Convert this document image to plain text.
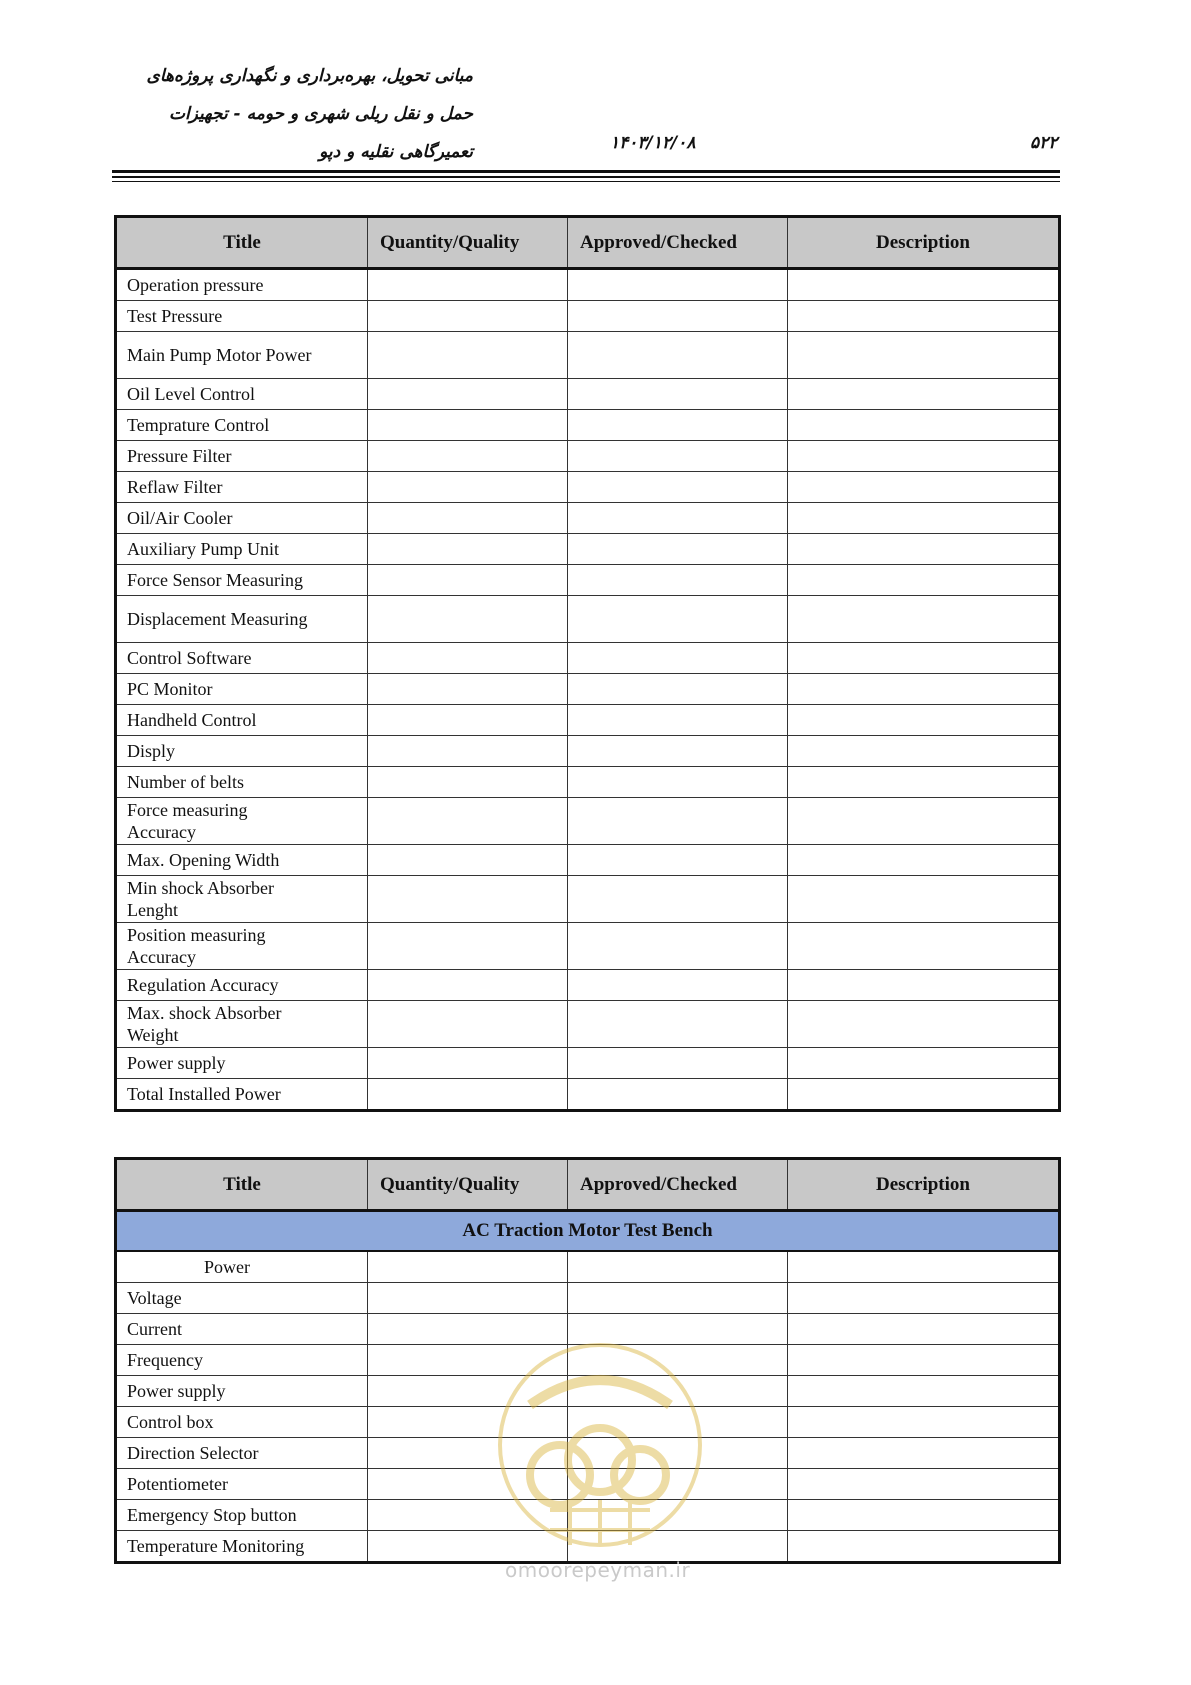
مبانی تحویل، بهره‌برداری و نگهداری پروژه‌های
حمل و نقل ریلی شهری و حومه - تجهیزات
تعمیرگاهی نقلیه و دپو	۱۴۰۳/۱۲/۰۸	۵۲۲
Title	Quantity/Quality	Approved/Checked	Description

Operation pressure			

Test Pressure			

Main Pump Motor Power			

Oil Level Control			

Temprature Control			

Pressure Filter			

Reflaw Filter			

Oil/Air Cooler			

Auxiliary Pump Unit			

Force Sensor Measuring			

Displacement Measuring			

Control Software			

PC Monitor			

Handheld Control			

Disply			

Number of belts			

Force measuring Accuracy			

Max. Opening Width			

Min shock Absorber Lenght			

Position measuring Accuracy			

Regulation Accuracy			

Max. shock Absorber Weight			

Power supply			

Total Installed Power			

Title	Quantity/Quality	Approved/Checked	Description
AC Traction Motor Test Bench			
Power			
Voltage			
Current			
Frequency			
Power supply			
Control box			
Direction Selector			
Potentiometer			
Emergency Stop button			
Temperature Monitoring			
omoorepeyman.ir
